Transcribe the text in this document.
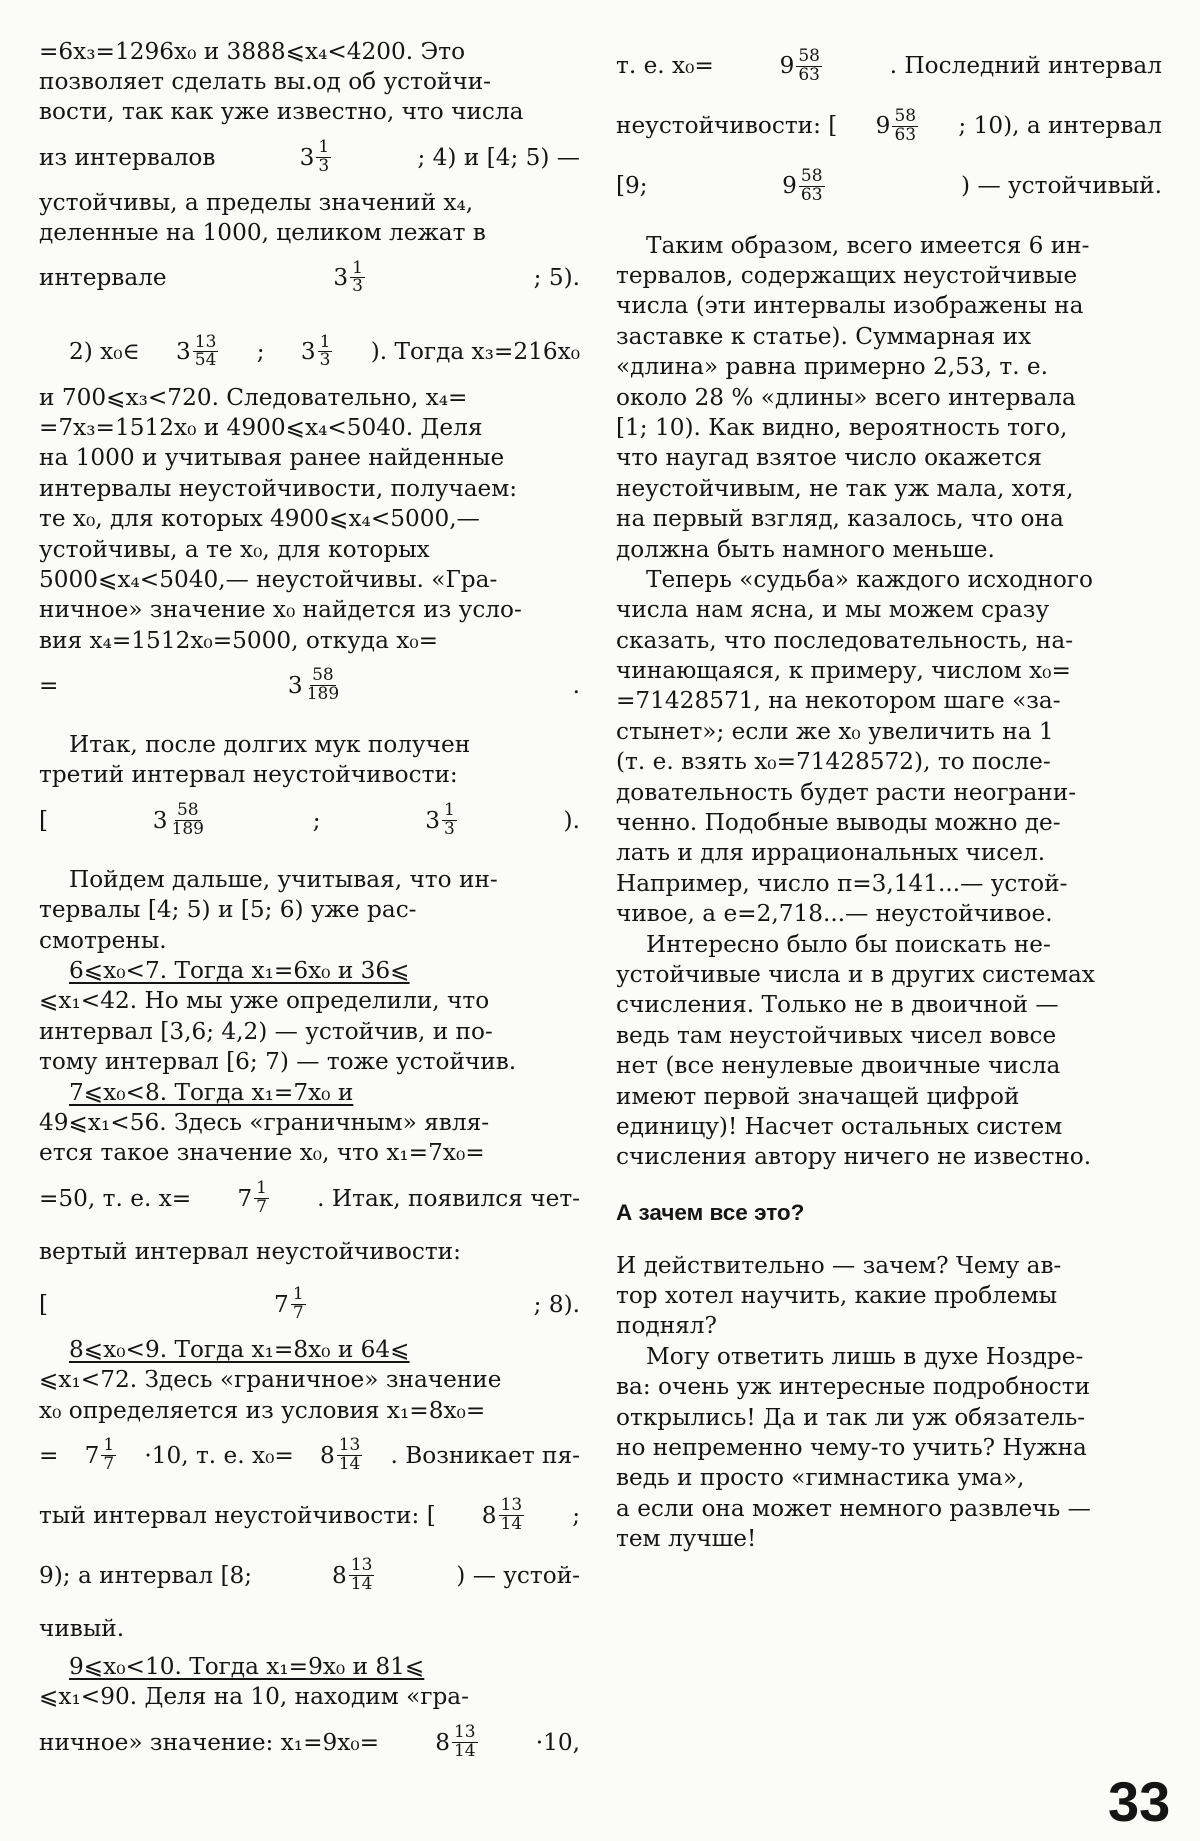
=6x₃=1296x₀ и 3888⩽x₄<4200. Это
позволяет сделать вы.од об устойчи-
вости, так как уже известно, что числа
из интервалов	$3 \frac{1}{3}$	; 4) и [4; 5) —
устойчивы, а пределы значений x₄,
деленные на 1000, целиком лежат в
интервале	$3 \frac{1}{3}$	; 5).
2) x₀∈ $3 \frac{13}{54}$ ; $3 \frac{1}{3}$ ). Тогда x₃=216x₀
и 700⩽x₃<720. Следовательно, x₄=
=7x₃=1512x₀ и 4900⩽x₄<5040. Деля
на 1000 и учитывая ранее найденные
интервалы неустойчивости, получаем:
те x₀, для которых 4900⩽x₄<5000,—
устойчивы, а те x₀, для которых
5000⩽x₄<5040,— неустойчивы. «Гра-
ничное» значение x₀ найдется из усло-
вия x₄=1512x₀=5000, откуда x₀=
=	$3 \frac{58}{189}$	.
Итак, после долгих мук получен
третий интервал неустойчивости:
[	$3 \frac{58}{189}$	;	$3 \frac{1}{3}$	).
Пойдем дальше, учитывая, что ин-
тервалы [4; 5) и [5; 6) уже рас-
смотрены.
6⩽x₀<7. Тогда x₁=6x₀ и 36⩽
⩽x₁<42. Но мы уже определили, что
интервал [3,6; 4,2) — устойчив, и по-
тому интервал [6; 7) — тоже устойчив.
7⩽x₀<8. Тогда x₁=7x₀ и
49⩽x₁<56. Здесь «граничным» явля-
ется такое значение x₀, что x₁=7x₀=
=50, т. е. $x= 7 \frac{1}{7}$ . Итак, появился чет-
вертый интервал неустойчивости:
[	$7 \frac{1}{7}$	; 8).
8⩽x₀<9. Тогда x₁=8x₀ и 64⩽
⩽x₁<72. Здесь «граничное» значение
x₀ определяется из условия x₁=8x₀=
= $7 \frac{1}{7} \cdot 10$, т. е. $x_0= 8 \frac{13}{14}$ . Возникает пя-
тый интервал неустойчивости: [ $8 \frac{13}{14}$ ;
9); а интервал [8;	$8 \frac{13}{14}$	) — устой-
чивый.
9⩽x₀<10. Тогда x₁=9x₀ и 81⩽
⩽x₁<90. Деля на 10, находим «гра-
ничное» значение: $x_1=9x_0= 8 \frac{13}{14}$	·10,
т. е. x₀=	$9 \frac{58}{63}$	. Последний интервал
неустойчивости: [ $9 \frac{58}{63}$ ; 10), а интервал
[9;	$9 \frac{58}{63}$	) — устойчивый.
Таким образом, всего имеется 6 ин-
тервалов, содержащих неустойчивые
числа (эти интервалы изображены на
заставке к статье). Суммарная их
«длина» равна примерно 2,53, т. е.
около 28 % «длины» всего интервала
[1; 10). Как видно, вероятность того,
что наугад взятое число окажется
неустойчивым, не так уж мала, хотя,
на первый взгляд, казалось, что она
должна быть намного меньше.
Теперь «судьба» каждого исходного
числа нам ясна, и мы можем сразу
сказать, что последовательность, на-
чинающаяся, к примеру, числом x₀=
=71428571, на некотором шаге «за-
стынет»; если же x₀ увеличить на 1
(т. е. взять x₀=71428572), то после-
довательность будет расти неограни-
ченно. Подобные выводы можно де-
лать и для иррациональных чисел.
Например, число π=3,141...— устой-
чивое, а e=2,718...— неустойчивое.
Интересно было бы поискать не-
устойчивые числа и в других системах
счисления. Только не в двоичной —
ведь там неустойчивых чисел вовсе
нет (все ненулевые двоичные числа
имеют первой значащей цифрой
единицу)! Насчет остальных систем
счисления автору ничего не известно.
А зачем все это?
И действительно — зачем? Чему ав-
тор хотел научить, какие проблемы
поднял?
Могу ответить лишь в духе Ноздре-
ва: очень уж интересные подробности
открылись! Да и так ли уж обязатель-
но непременно чему-то учить? Нужна
ведь и просто «гимнастика ума»,
а если она может немного развлечь —
тем лучше!
33
